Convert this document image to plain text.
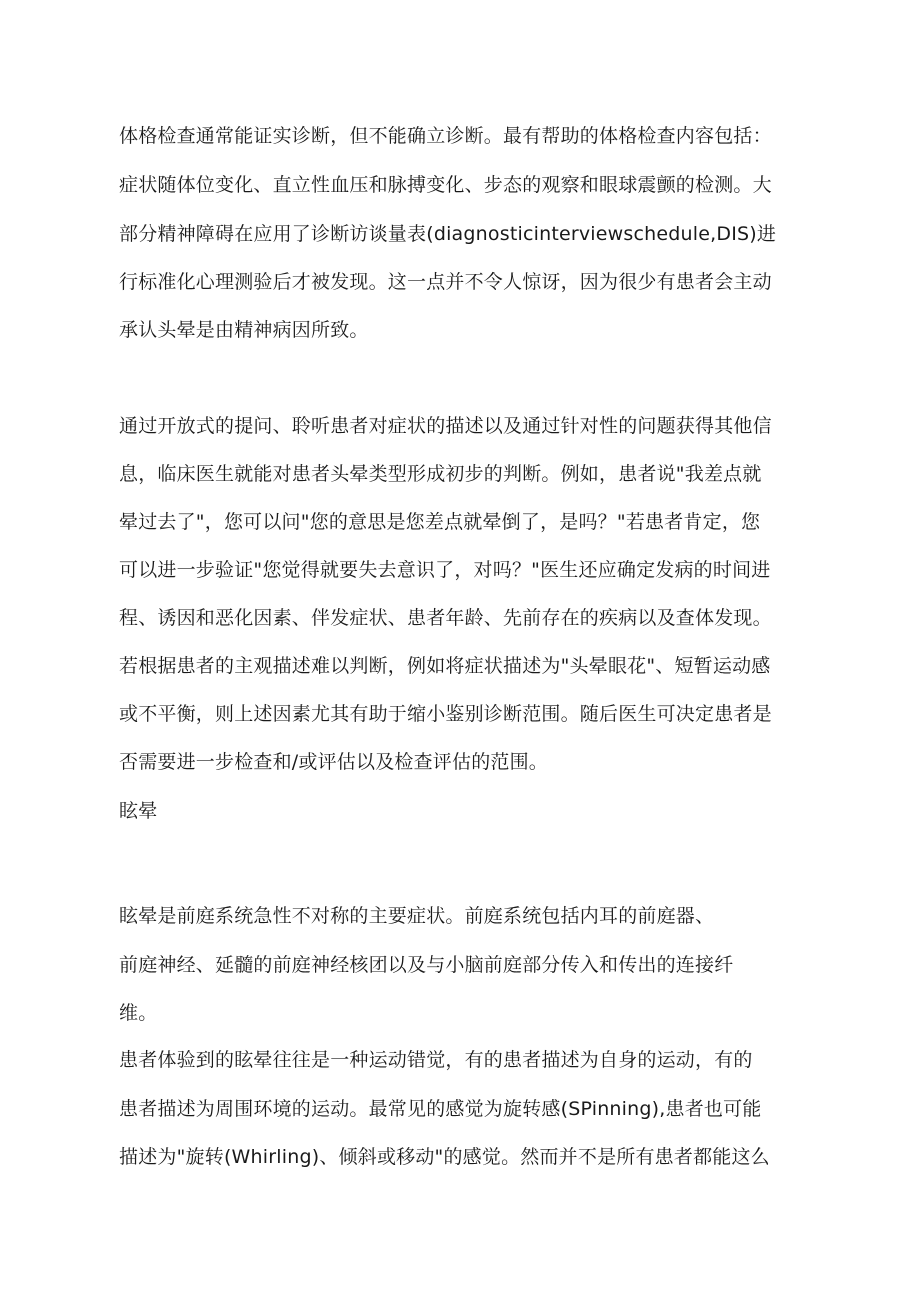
体格检查通常能证实诊断，但不能确立诊断。最有帮助的体格检查内容包括：
症状随体位变化、直立性血压和脉搏变化、步态的观察和眼球震颤的检测。大
部分精神障碍在应用了诊断访谈量表(diagnosticinterviewschedule,DIS)进
行标准化心理测验后才被发现。这一点并不令人惊讶，因为很少有患者会主动
承认头晕是由精神病因所致。
通过开放式的提问、聆听患者对症状的描述以及通过针对性的问题获得其他信
息，临床医生就能对患者头晕类型形成初步的判断。例如，患者说"我差点就
晕过去了"，您可以问"您的意思是您差点就晕倒了，是吗？"若患者肯定，您
可以进一步验证"您觉得就要失去意识了，对吗？"医生还应确定发病的时间进
程、诱因和恶化因素、伴发症状、患者年龄、先前存在的疾病以及查体发现。
若根据患者的主观描述难以判断，例如将症状描述为"头晕眼花"、短暂运动感
或不平衡，则上述因素尤其有助于缩小鉴别诊断范围。随后医生可决定患者是
否需要进一步检查和/或评估以及检查评估的范围。
眩晕
眩晕是前庭系统急性不对称的主要症状。前庭系统包括内耳的前庭器、
前庭神经、延髓的前庭神经核团以及与小脑前庭部分传入和传出的连接纤
维。
患者体验到的眩晕往往是一种运动错觉，有的患者描述为自身的运动，有的
患者描述为周围环境的运动。最常见的感觉为旋转感(SPinning),患者也可能
描述为"旋转(Whirling)、倾斜或移动"的感觉。然而并不是所有患者都能这么
